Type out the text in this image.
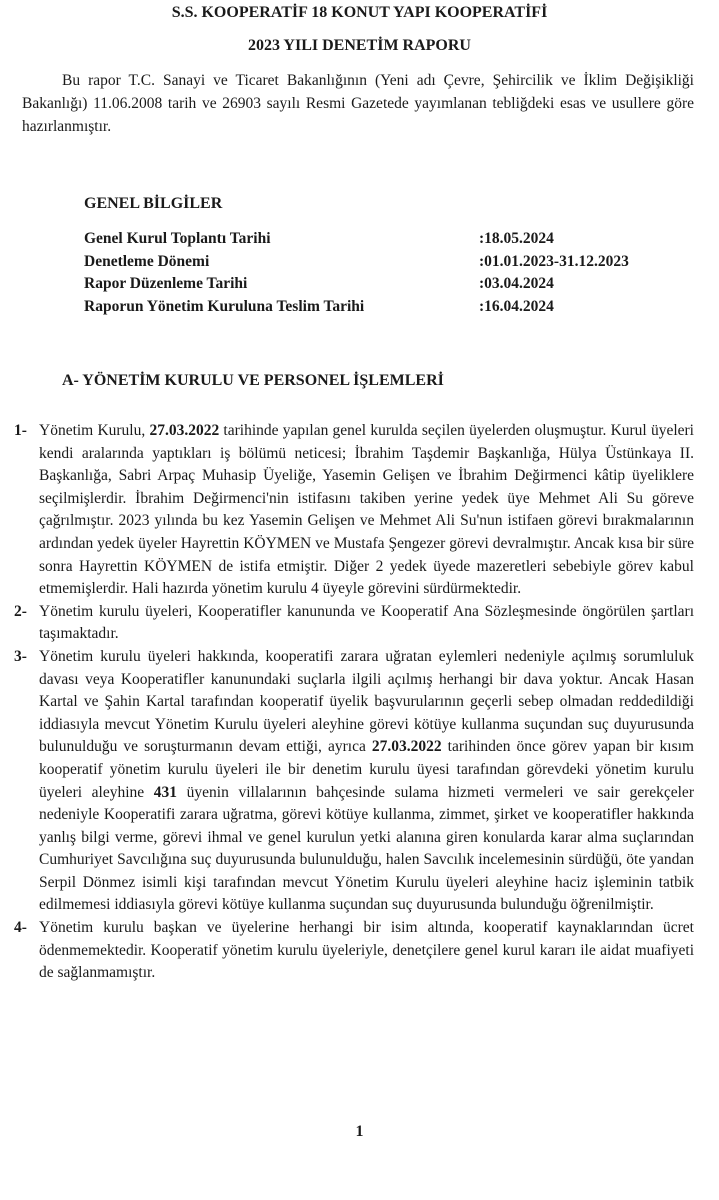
S.S. KOOPERATİF 18 KONUT YAPI KOOPERATİFİ
2023 YILI DENETİM RAPORU

Bu rapor T.C. Sanayi ve Ticaret Bakanlığının (Yeni adı Çevre, Şehircilik ve İklim Değişikliği Bakanlığı) 11.06.2008 tarih ve 26903 sayılı Resmi Gazetede yayımlanan tebliğdeki esas ve usullere göre hazırlanmıştır.

GENEL BİLGİLER
Genel Kurul Toplantı Tarihi	:18.05.2024
Denetleme Dönemi	:01.01.2023-31.12.2023
Rapor Düzenleme Tarihi	:03.04.2024
Raporun Yönetim Kuruluna Teslim Tarihi	:16.04.2024
A- YÖNETİM KURULU VE PERSONEL İŞLEMLERİ
1- Yönetim Kurulu, 27.03.2022 tarihinde yapılan genel kurulda seçilen üyelerden oluşmuştur. Kurul üyeleri kendi aralarında yaptıkları iş bölümü neticesi; İbrahim Taşdemir Başkanlığa, Hülya Üstünkaya II. Başkanlığa, Sabri Arpaç Muhasip Üyeliğe, Yasemin Gelişen ve İbrahim Değirmenci kâtip üyeliklere seçilmişlerdir. İbrahim Değirmenci'nin istifasını takiben yerine yedek üye Mehmet Ali Su göreve çağrılmıştır. 2023 yılında bu kez Yasemin Gelişen ve Mehmet Ali Su'nun istifaen görevi bırakmalarının ardından yedek üyeler Hayrettin KÖYMEN ve Mustafa Şengezer görevi devralmıştır. Ancak kısa bir süre sonra Hayrettin KÖYMEN de istifa etmiştir. Diğer 2 yedek üyede mazeretleri sebebiyle görev kabul etmemişlerdir. Hali hazırda yönetim kurulu 4 üyeyle görevini sürdürmektedir.
2- Yönetim kurulu üyeleri, Kooperatifler kanununda ve Kooperatif Ana Sözleşmesinde öngörülen şartları taşımaktadır.
3- Yönetim kurulu üyeleri hakkında, kooperatifi zarara uğratan eylemleri nedeniyle açılmış sorumluluk davası veya Kooperatifler kanunundaki suçlarla ilgili açılmış herhangi bir dava yoktur. Ancak Hasan Kartal ve Şahin Kartal tarafından kooperatif üyelik başvurularının geçerli sebep olmadan reddedildiği iddiasıyla mevcut Yönetim Kurulu üyeleri aleyhine görevi kötüye kullanma suçundan suç duyurusunda bulunulduğu ve soruşturmanın devam ettiği, ayrıca 27.03.2022 tarihinden önce görev yapan bir kısım kooperatif yönetim kurulu üyeleri ile bir denetim kurulu üyesi tarafından görevdeki yönetim kurulu üyeleri aleyhine 431 üyenin villalarının bahçesinde sulama hizmeti vermeleri ve sair gerekçeler nedeniyle Kooperatifi zarara uğratma, görevi kötüye kullanma, zimmet, şirket ve kooperatifler hakkında yanlış bilgi verme, görevi ihmal ve genel kurulun yetki alanına giren konularda karar alma suçlarından Cumhuriyet Savcılığına suç duyurusunda bulunulduğu, halen Savcılık incelemesinin sürdüğü, öte yandan Serpil Dönmez isimli kişi tarafından mevcut Yönetim Kurulu üyeleri aleyhine haciz işleminin tatbik edilmemesi iddiasıyla görevi kötüye kullanma suçundan suç duyurusunda bulunduğu öğrenilmiştir.
4- Yönetim kurulu başkan ve üyelerine herhangi bir isim altında, kooperatif kaynaklarından ücret ödenmemektedir. Kooperatif yönetim kurulu üyeleriyle, denetçilere genel kurul kararı ile aidat muafiyeti de sağlanmamıştır.
1
